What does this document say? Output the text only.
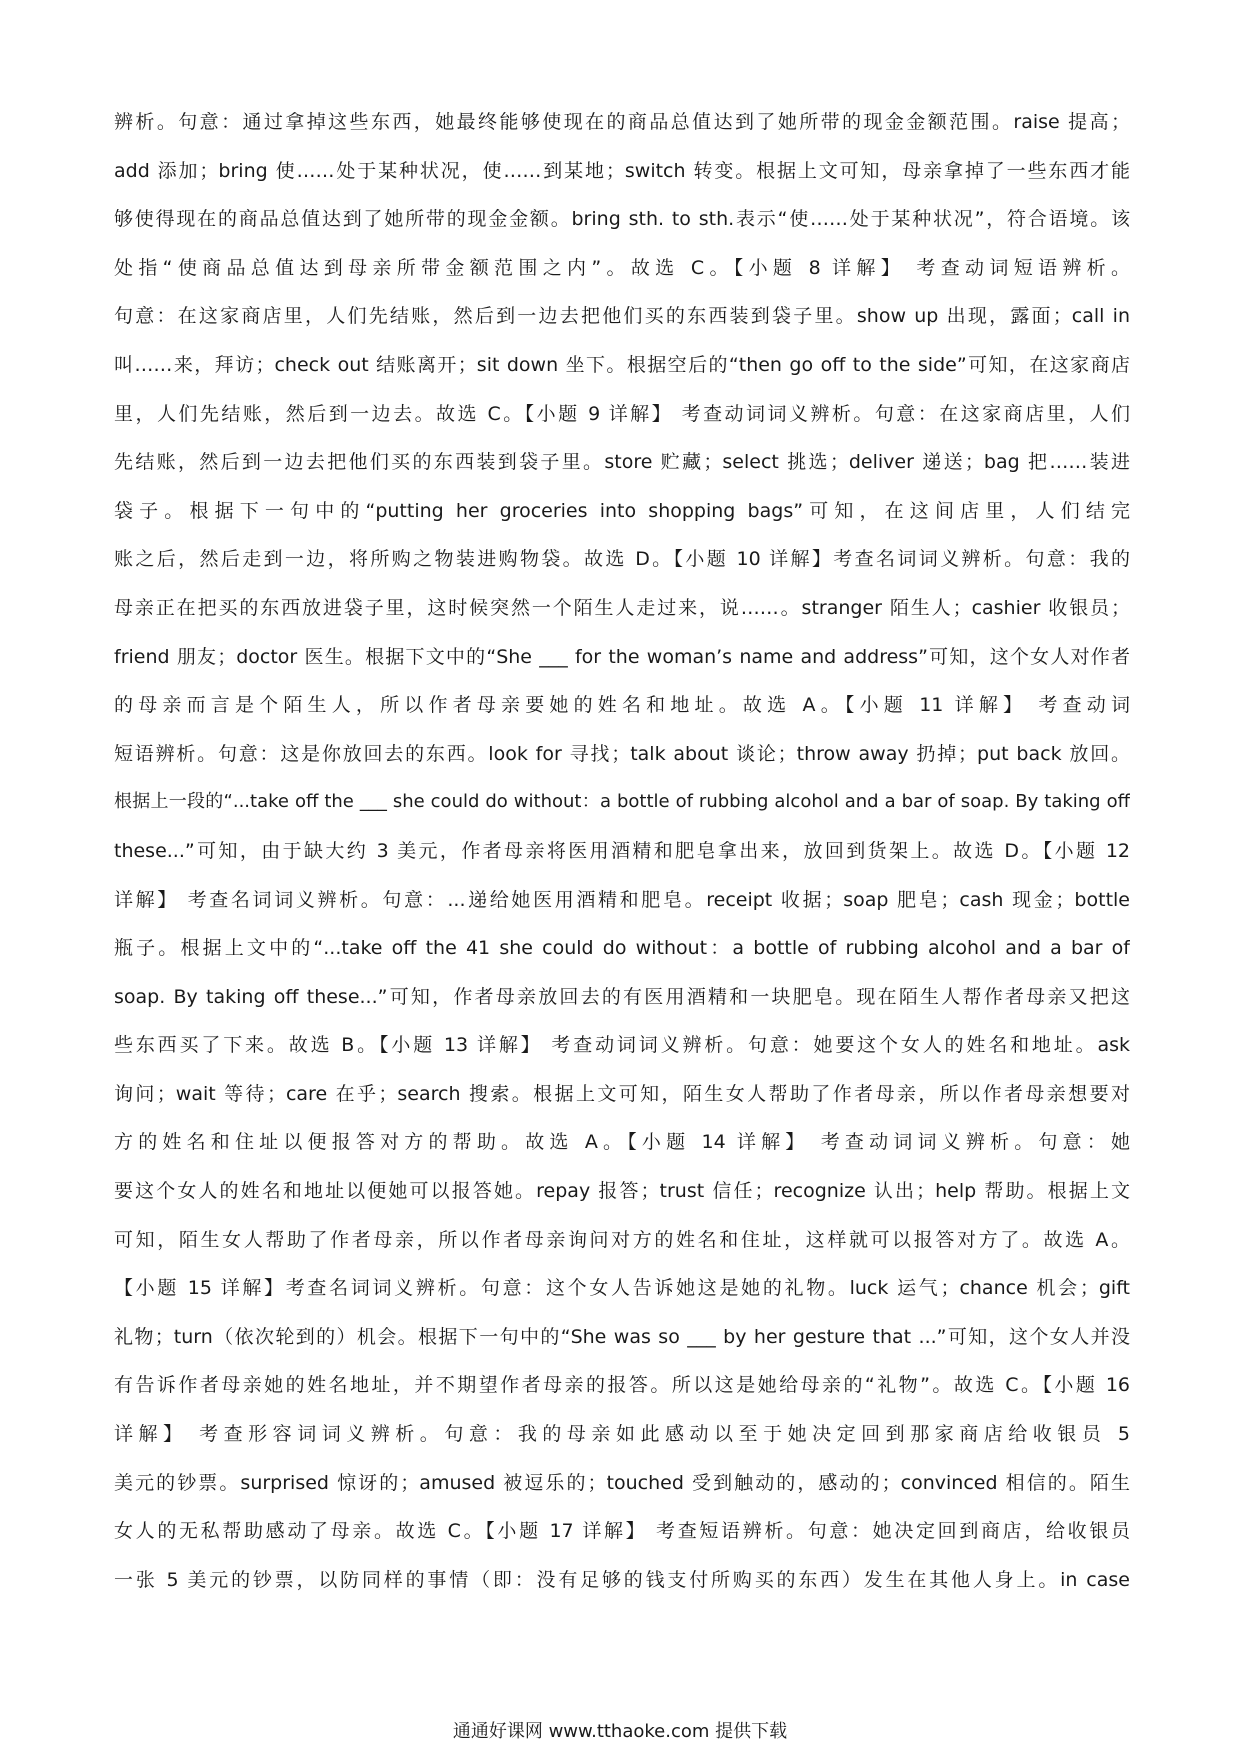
辨析。句意：通过拿掉这些东西，她最终能够使现在的商品总值达到了她所带的现金金额范围。raise 提高；
add 添加；bring 使……处于某种状况，使……到某地；switch 转变。根据上文可知，母亲拿掉了一些东西才能
够使得现在的商品总值达到了她所带的现金金额。bring sth. to sth.表示“使……处于某种状况”，符合语境。该
处指“使商品总值达到母亲所带金额范围之内”。故选 C。【小题 8 详解】 考查动词短语辨析。
句意：在这家商店里，人们先结账，然后到一边去把他们买的东西装到袋子里。show up 出现，露面；call in
叫……来，拜访；check out 结账离开；sit down 坐下。根据空后的“then go off to the side”可知，在这家商店
里，人们先结账，然后到一边去。故选 C。【小题 9 详解】 考查动词词义辨析。句意：在这家商店里，人们
先结账，然后到一边去把他们买的东西装到袋子里。store 贮藏；select 挑选；deliver 递送；bag 把……装进
袋子。根据下一句中的“putting her groceries into shopping bags”可知，在这间店里，人们结完
账之后，然后走到一边，将所购之物装进购物袋。故选 D。【小题 10 详解】考查名词词义辨析。句意：我的
母亲正在把买的东西放进袋子里，这时候突然一个陌生人走过来，说……。stranger 陌生人；cashier 收银员；
friend 朋友；doctor 医生。根据下文中的“She ___ for the woman’s name and address”可知，这个女人对作者
的母亲而言是个陌生人，所以作者母亲要她的姓名和地址。故选 A。【小题 11 详解】 考查动词
短语辨析。句意：这是你放回去的东西。look for 寻找；talk about 谈论；throw away 扔掉；put back 放回。
根据上一段的“...take off the ___ she could do without：a bottle of rubbing alcohol and a bar of soap. By taking off
these...”可知，由于缺大约 3 美元，作者母亲将医用酒精和肥皂拿出来，放回到货架上。故选 D。【小题 12
详解】 考查名词词义辨析。句意：...递给她医用酒精和肥皂。receipt 收据；soap 肥皂；cash 现金；bottle
瓶子。根据上文中的“...take off the 41 she could do without：a bottle of rubbing alcohol and a bar of
soap. By taking off these...”可知，作者母亲放回去的有医用酒精和一块肥皂。现在陌生人帮作者母亲又把这
些东西买了下来。故选 B。【小题 13 详解】 考查动词词义辨析。句意：她要这个女人的姓名和地址。ask
询问；wait 等待；care 在乎；search 搜索。根据上文可知，陌生女人帮助了作者母亲，所以作者母亲想要对
方的姓名和住址以便报答对方的帮助。故选 A。【小题 14 详解】 考查动词词义辨析。句意：她
要这个女人的姓名和地址以便她可以报答她。repay 报答；trust 信任；recognize 认出；help 帮助。根据上文
可知，陌生女人帮助了作者母亲，所以作者母亲询问对方的姓名和住址，这样就可以报答对方了。故选 A。
【小题 15 详解】考查名词词义辨析。句意：这个女人告诉她这是她的礼物。luck 运气；chance 机会；gift
礼物；turn（依次轮到的）机会。根据下一句中的“She was so ___ by her gesture that ...”可知，这个女人并没
有告诉作者母亲她的姓名地址，并不期望作者母亲的报答。所以这是她给母亲的“礼物”。故选 C。【小题 16
详解】 考查形容词词义辨析。句意：我的母亲如此感动以至于她决定回到那家商店给收银员 5
美元的钞票。surprised 惊讶的；amused 被逗乐的；touched 受到触动的，感动的；convinced 相信的。陌生
女人的无私帮助感动了母亲。故选 C。【小题 17 详解】 考查短语辨析。句意：她决定回到商店，给收银员
一张 5 美元的钞票，以防同样的事情（即：没有足够的钱支付所购买的东西）发生在其他人身上。in case
通通好课网 www.tthaoke.com 提供下载
